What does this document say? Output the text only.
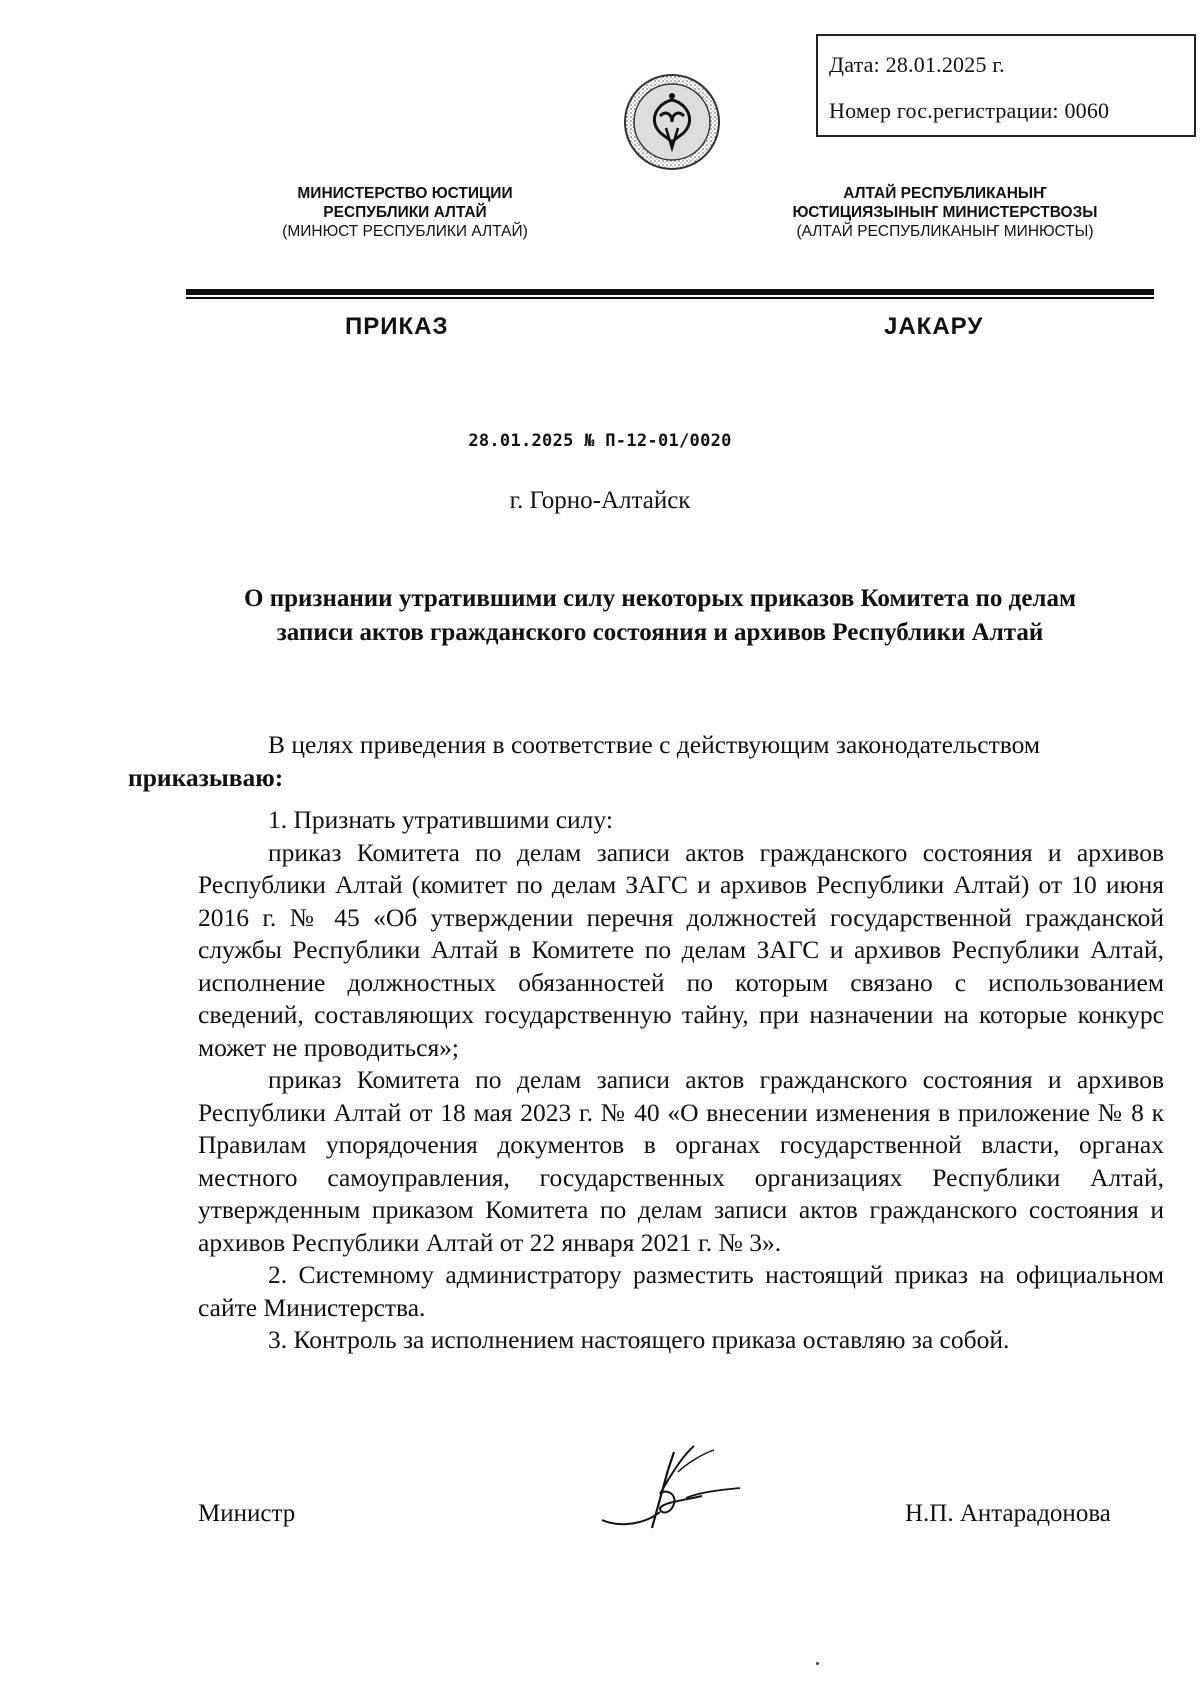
Дата: 28.01.2025 г.
Номер гос.регистрации: 0060
МИНИСТЕРСТВО ЮСТИЦИИ
РЕСПУБЛИКИ АЛТАЙ
(МИНЮСТ РЕСПУБЛИКИ АЛТАЙ)
АЛТАЙ РЕСПУБЛИКАНЫҤ
ЮСТИЦИЯЗЫНЫҤ МИНИСТЕРСТВОЗЫ
(АЛТАЙ РЕСПУБЛИКАНЫҤ МИНЮСТЫ)
ПРИКАЗ	JАКАРУ
28.01.2025 № П-12-01/0020
г. Горно-Алтайск
О признании утратившими силу некоторых приказов Комитета по делам
записи актов гражданского состояния и архивов Республики Алтай

В целях приведения в соответствие с действующим законодательством
приказываю:

1. Признать утратившими силу:

приказ Комитета по делам записи актов гражданского состояния и архивов Республики Алтай (комитет по делам ЗАГС и архивов Республики Алтай) от 10 июня 2016 г. № 45 «Об утверждении перечня должностей государственной гражданской службы Республики Алтай в Комитете по делам ЗАГС и архивов Республики Алтай, исполнение должностных обязанностей по которым связано с использованием сведений, составляющих государственную тайну, при назначении на которые конкурс может не проводиться»;

приказ Комитета по делам записи актов гражданского состояния и архивов Республики Алтай от 18 мая 2023 г. № 40 «О внесении изменения в приложение № 8 к Правилам упорядочения документов в органах государственной власти, органах местного самоуправления, государственных организациях Республики Алтай, утвержденным приказом Комитета по делам записи актов гражданского состояния и архивов Республики Алтай от 22 января 2021 г. № 3».

2. Системному администратору разместить настоящий приказ на официальном сайте Министерства.

3. Контроль за исполнением настоящего приказа оставляю за собой.

Министр	Н.П. Антарадонова
